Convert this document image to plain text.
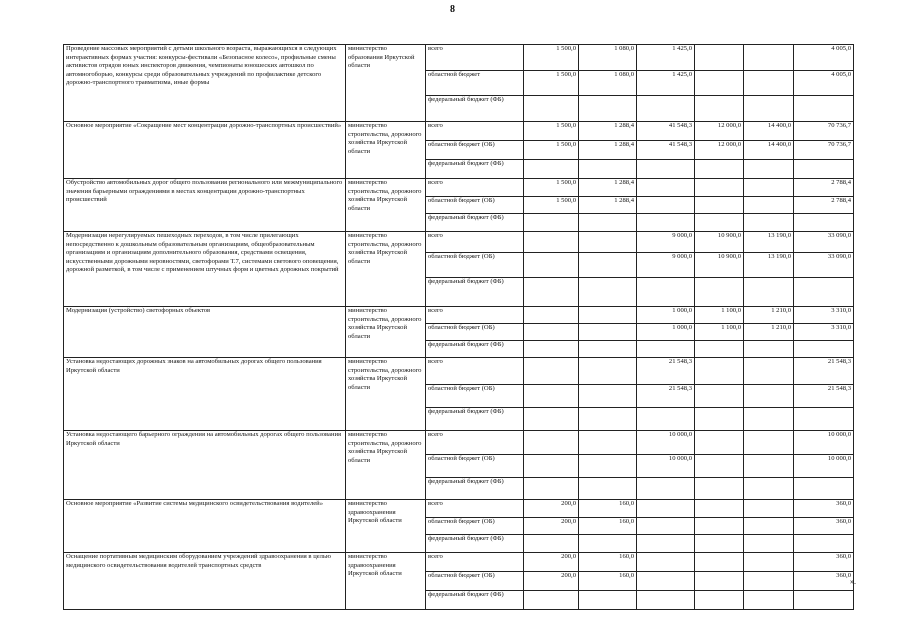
8
Проведение массовых мероприятий с детьми школьного возраста, выражающихся в следующих интерактивных формах участия: конкурсы-фестивали «Безопасное колесо», профильные смены активистов отрядов юных инспекторов движения, чемпионаты юношеских автошкол по автомногоборью, конкурсы среди образовательных учреждений по профилактике детского дорожно-транспортного травматизма, иные формы	министерство образования Иркутской области	всего	1 500,0	1 080,0	1 425,0			4 005,0
		областной бюджет	1 500,0	1 080,0	1 425,0			4 005,0
		федеральный бюджет (ФБ)						
Основное мероприятие «Сокращение мест концентрации дорожно-транспортных происшествий»	министерство строительства, дорожного хозяйства Иркутской области	всего	1 500,0	1 288,4	41 548,3	12 000,0	14 400,0	70 736,7
		областной бюджет (ОБ)	1 500,0	1 288,4	41 548,3	12 000,0	14 400,0	70 736,7
		федеральный бюджет (ФБ)						
Обустройство автомобильных дорог общего пользования регионального или межмуниципального значения барьерными ограждениями в местах концентрации дорожно-транспортных происшествий	министерство строительства, дорожного хозяйства Иркутской области	всего	1 500,0	1 288,4				2 788,4
		областной бюджет (ОБ)	1 500,0	1 288,4				2 788,4
		федеральный бюджет (ФБ)						
Модернизация нерегулируемых пешеходных переходов, в том числе прилегающих непосредственно к дошкольным образовательным организациям, общеобразовательным организациям и организациям дополнительного образования, средствами освещения, искусственными дорожными неровностями, светофорами Т.7, системами светового оповещения, дорожной разметкой, в том числе с применением штучных форм и цветных дорожных покрытий	министерство строительства, дорожного хозяйства Иркутской области	всего			9 000,0	10 900,0	13 190,0	33 090,0
		областной бюджет (ОБ)			9 000,0	10 900,0	13 190,0	33 090,0
		федеральный бюджет (ФБ)						
Модернизация (устройство) светофорных объектов	министерство строительства, дорожного хозяйства Иркутской области	всего			1 000,0	1 100,0	1 210,0	3 310,0
		областной бюджет (ОБ)			1 000,0	1 100,0	1 210,0	3 310,0
		федеральный бюджет (ФБ)						
Установка недостающих дорожных знаков на автомобильных дорогах общего пользования Иркутской области	министерство строительства, дорожного хозяйства Иркутской области	всего			21 548,3			21 548,3
		областной бюджет (ОБ)			21 548,3			21 548,3
		федеральный бюджет (ФБ)						
Установка недостающего барьерного ограждения на автомобильных дорогах общего пользования Иркутской области	министерство строительства, дорожного хозяйства Иркутской области	всего			10 000,0			10 000,0
		областной бюджет (ОБ)			10 000,0			10 000,0
		федеральный бюджет (ФБ)						
Основное мероприятие «Развитие системы медицинского освидетельствования водителей»	министерство здравоохранения Иркутской области	всего	200,0	160,0				360,0
		областной бюджет (ОБ)	200,0	160,0				360,0
		федеральный бюджет (ФБ)						
Оснащение портативным медицинским оборудованием учреждений здравоохранения в целью медицинского освидетельствования водителей транспортных средств	министерство здравоохранения Иркутской области	всего	200,0	160,0				360,0
		областной бюджет (ОБ)	200,0	160,0				360,0
		федеральный бюджет (ФБ)						
».
